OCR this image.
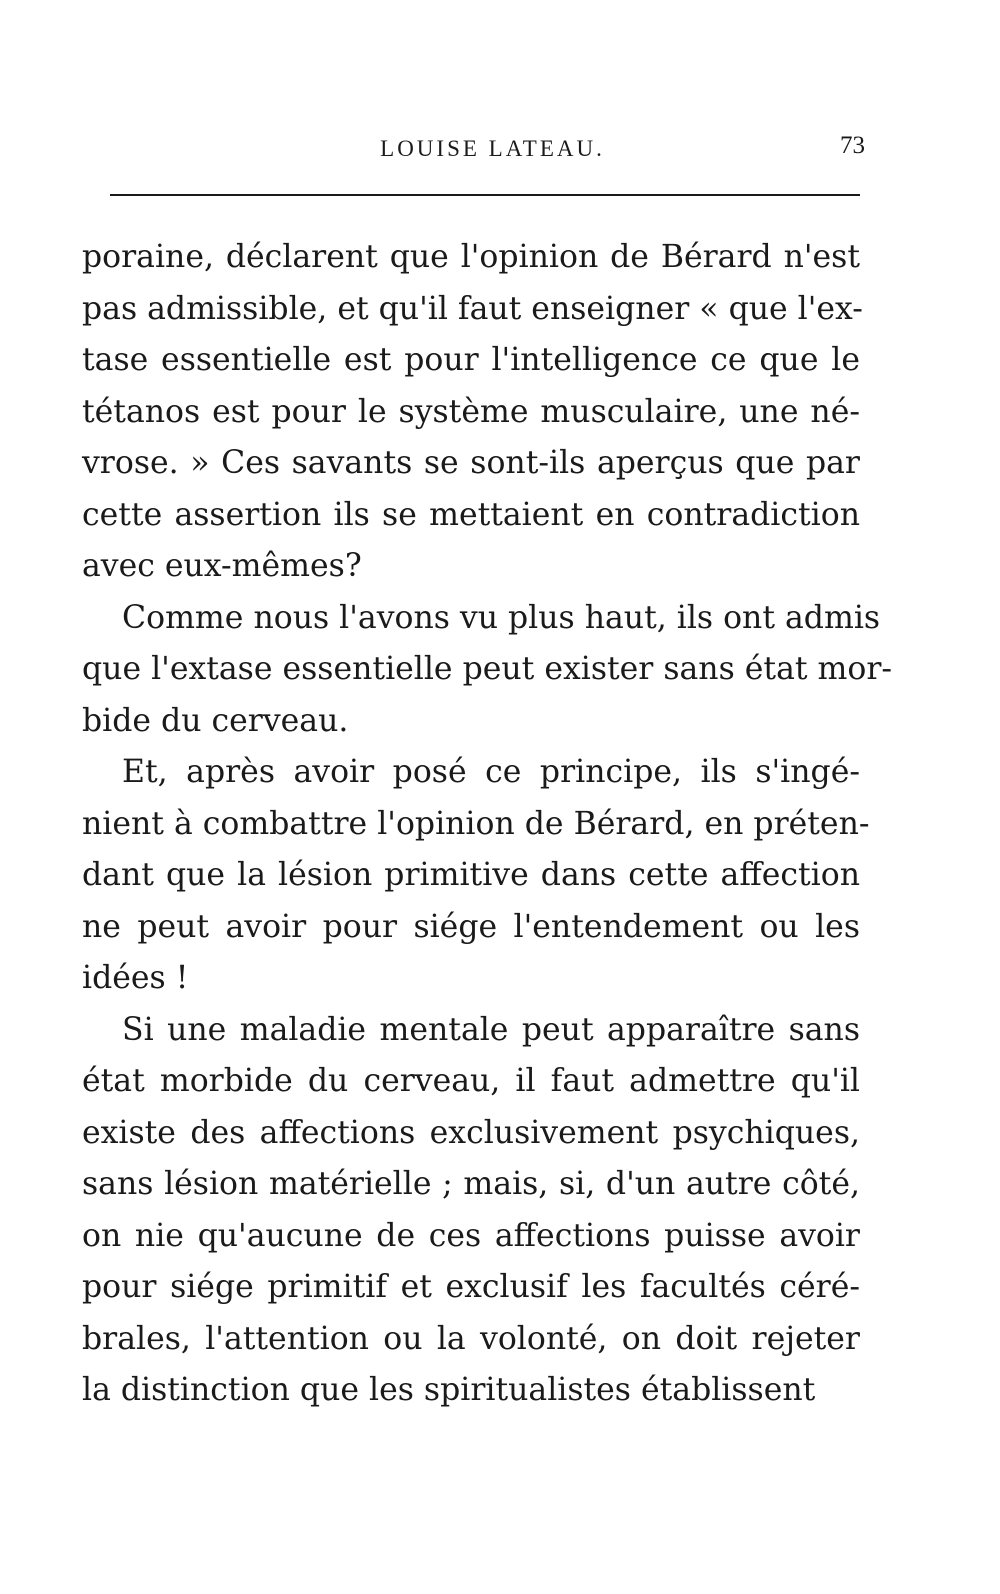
LOUISE LATEAU.	73
poraine, déclarent que l'opinion de Bérard n'est
pas admissible, et qu'il faut enseigner « que l'ex-
tase essentielle est pour l'intelligence ce que le
tétanos est pour le système musculaire, une né-
vrose. » Ces savants se sont-ils aperçus que par
cette assertion ils se mettaient en contradiction
avec eux-mêmes?
Comme nous l'avons vu plus haut, ils ont admis
que l'extase essentielle peut exister sans état mor-
bide du cerveau.
Et, après avoir posé ce principe, ils s'ingé-
nient à combattre l'opinion de Bérard, en préten-
dant que la lésion primitive dans cette affection
ne peut avoir pour siége l'entendement ou les
idées !
Si une maladie mentale peut apparaître sans
état morbide du cerveau, il faut admettre qu'il
existe des affections exclusivement psychiques,
sans lésion matérielle ; mais, si, d'un autre côté,
on nie qu'aucune de ces affections puisse avoir
pour siége primitif et exclusif les facultés céré-
brales, l'attention ou la volonté, on doit rejeter
la distinction que les spiritualistes établissent
